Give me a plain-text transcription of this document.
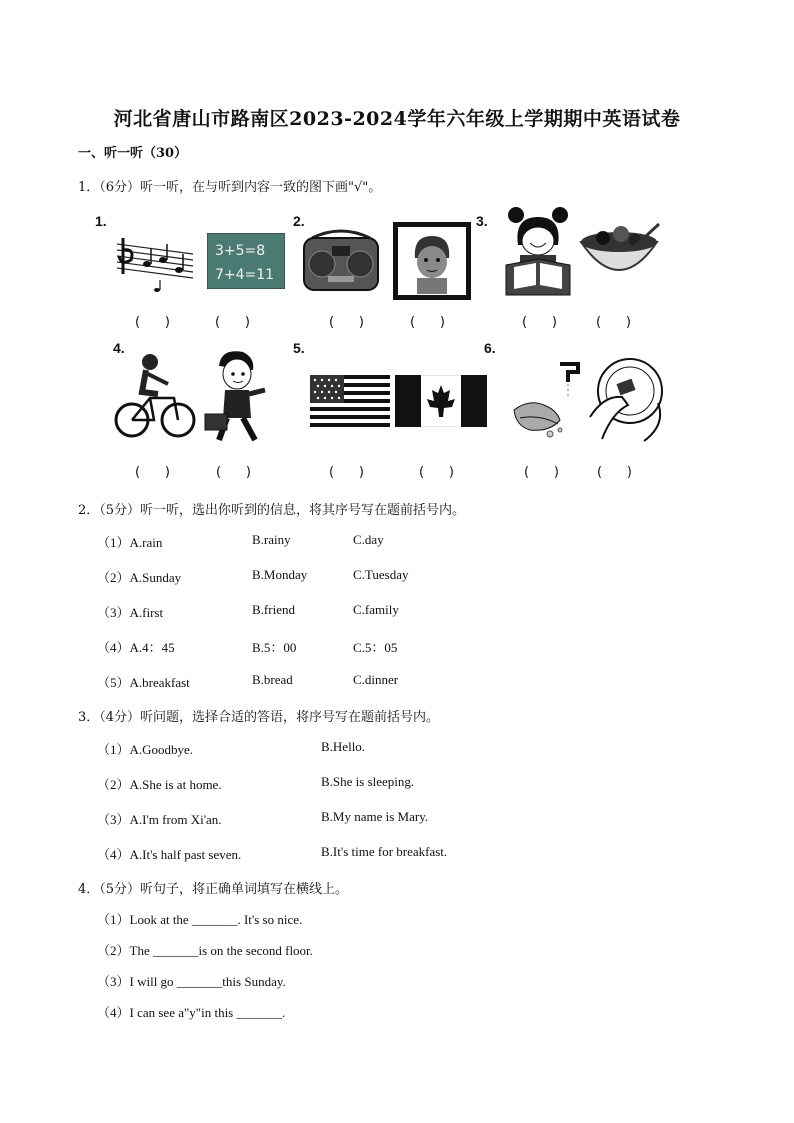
河北省唐山市路南区2023-2024学年六年级上学期期中英语试卷
一、听一听（30）
1．（6分）听一听，在与听到内容一致的图下画"√"。
1.	2.	3.
4.	5.	6.
3+5=8
7+4=11
(      )	(      )	(      )	(      )	(      )	(      )
(      )	(      )	(      )	(      )	(      )	(      )
2．（5分）听一听，选出你听到的信息，将其序号写在题前括号内。
（1）A.rain	B.rainy	C.day
（2）A.Sunday	B.Monday	C.Tuesday
（3）A.first	B.friend	C.family
（4）A.4：45	B.5：00	C.5：05
（5）A.breakfast	B.bread	C.dinner
3．（4分）听问题，选择合适的答语，将序号写在题前括号内。
（1）A.Goodbye.	B.Hello.
（2）A.She is at home.	B.She is sleeping.
（3）A.I'm from Xi'an.	B.My name is Mary.
（4）A.It's half past seven.	B.It's time for breakfast.
4．（5分）听句子，将正确单词填写在横线上。
（1）Look at the _______. It's so nice.
（2）The _______is on the second floor.
（3）I will go _______this Sunday.
（4）I can see a"y"in this _______.
